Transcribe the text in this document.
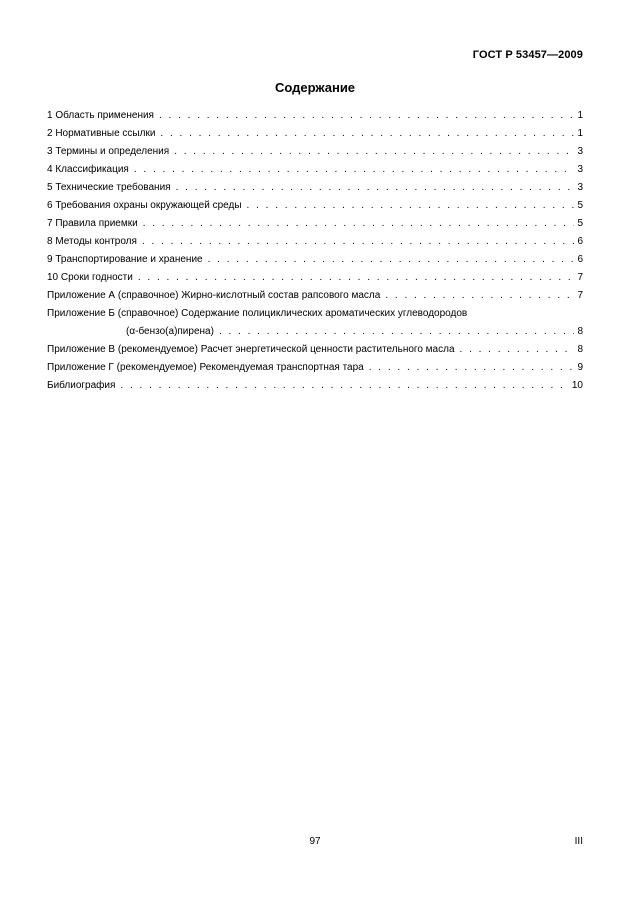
ГОСТ Р 53457—2009
Содержание
1 Область применения . . .	1
2 Нормативные ссылки . . .	1
3 Термины и определения . . .	3
4 Классификация . . .	3
5 Технические требования . . .	3
6 Требования охраны окружающей среды . . .	5
7 Правила приемки . . .	5
8 Методы контроля . . .	6
9 Транспортирование и хранение . . .	6
10 Сроки годности . . .	7
Приложение А (справочное) Жирно-кислотный состав рапсового масла . . .	7
Приложение Б (справочное) Содержание полициклических ароматических углеводородов
(α-бензо(а)пирена) . . .	8
Приложение В (рекомендуемое) Расчет энергетической ценности растительного масла . . .	8
Приложение Г (рекомендуемое) Рекомендуемая транспортная тара . . .	9
Библиография . . .	10
97	III
